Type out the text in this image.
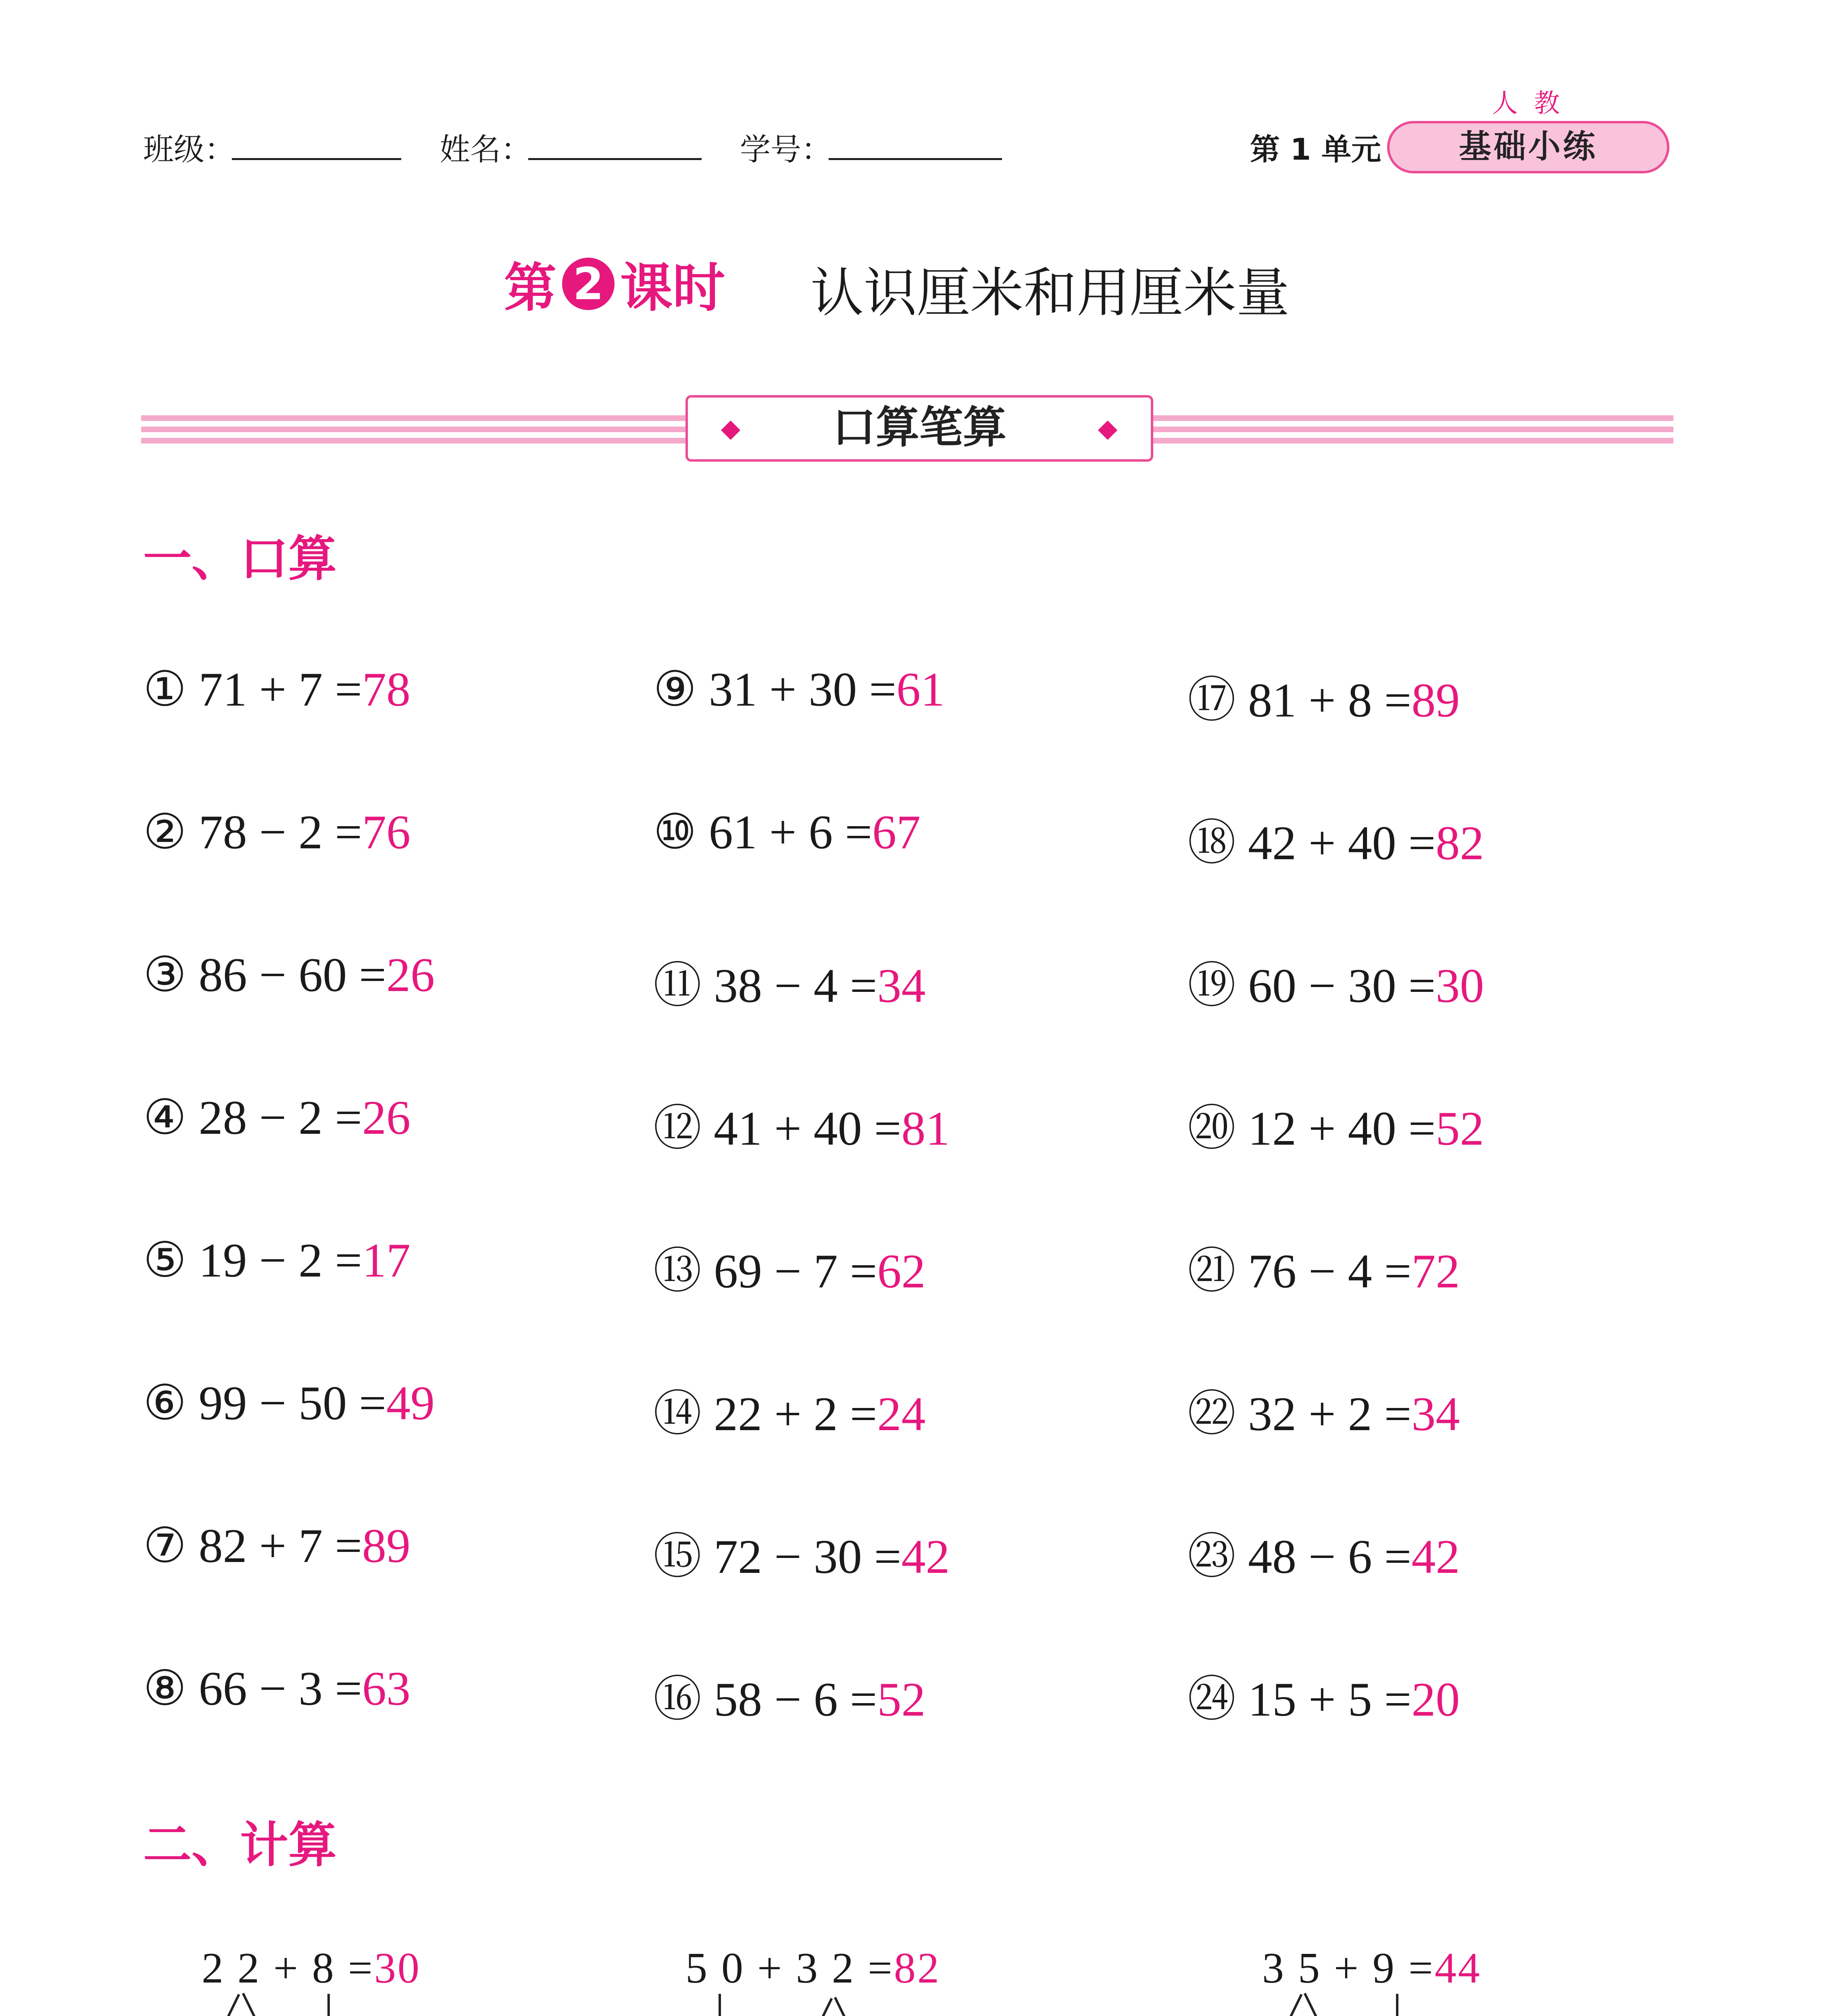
班级：	姓名：	学号：	第 1 单元
人教
基础小练
第 2 课时 认识厘米和用厘米量
口算笔算
一、口算
① 71 + 7 =78
② 78 − 2 =76
③ 86 − 60 =26
④ 28 − 2 =26
⑤ 19 − 2 =17
⑥ 99 − 50 =49
⑦ 82 + 7 =89
⑧ 66 − 3 =63
⑨ 31 + 30 =61
⑩ 61 + 6 =67
⑪ 38 − 4 =34
⑫ 41 + 40 =81
⑬ 69 − 7 =62
⑭ 22 + 2 =24
⑮ 72 − 30 =42
⑯ 58 − 6 =52
⑰ 81 + 8 =89
⑱ 42 + 40 =82
⑲ 60 − 30 =30
⑳ 12 + 40 =52
㉑ 76 − 4 =72
㉒ 32 + 2 =34
㉓ 48 − 6 =42
㉔ 15 + 5 =20
二、计算
2 2 + 8 =30	5 0 + 3 2 =82	3 5 + 9 =44
